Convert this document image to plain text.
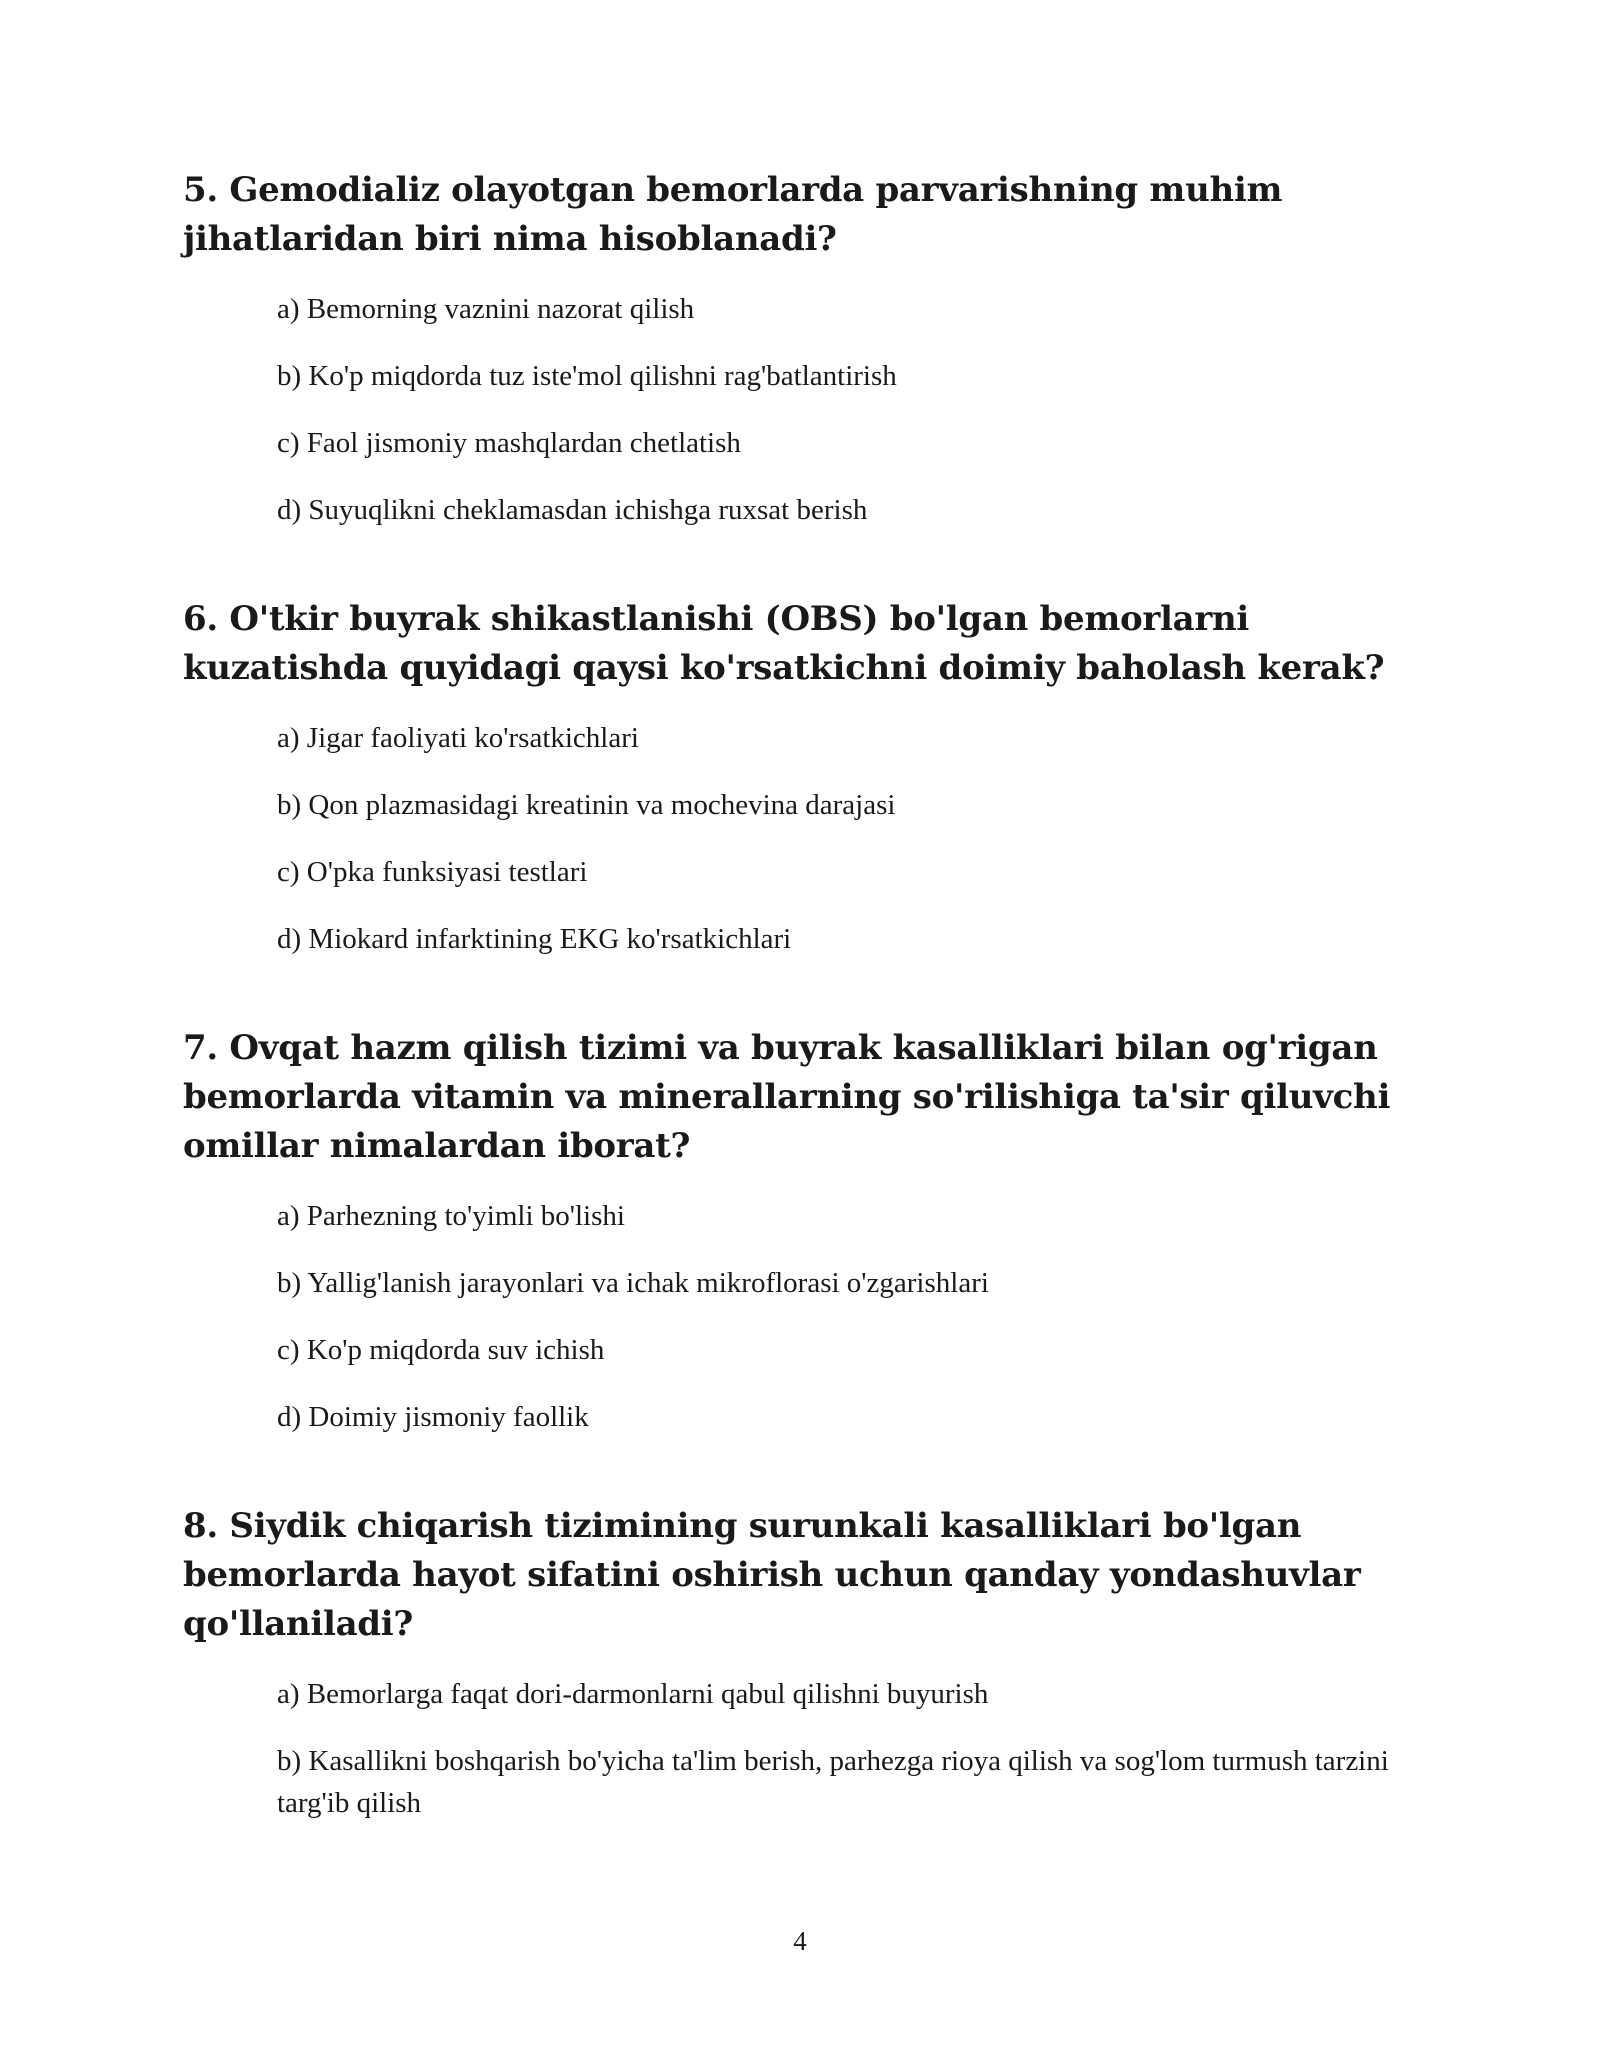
5. Gemodializ olayotgan bemorlarda parvarishning muhim jihatlaridan biri nima hisoblanadi?
a) Bemorning vaznini nazorat qilish
b) Ko'p miqdorda tuz iste'mol qilishni rag'batlantirish
c) Faol jismoniy mashqlardan chetlatish
d) Suyuqlikni cheklamasdan ichishga ruxsat berish
6. O'tkir buyrak shikastlanishi (OBS) bo'lgan bemorlarni kuzatishda quyidagi qaysi ko'rsatkichni doimiy baholash kerak?
a) Jigar faoliyati ko'rsatkichlari
b) Qon plazmasidagi kreatinin va mochevina darajasi
c) O'pka funksiyasi testlari
d) Miokard infarktining EKG ko'rsatkichlari
7. Ovqat hazm qilish tizimi va buyrak kasalliklari bilan og'rigan bemorlarda vitamin va minerallarning so'rilishiga ta'sir qiluvchi omillar nimalardan iborat?
a) Parhezning to'yimli bo'lishi
b) Yallig'lanish jarayonlari va ichak mikroflorasi o'zgarishlari
c) Ko'p miqdorda suv ichish
d) Doimiy jismoniy faollik
8. Siydik chiqarish tizimining surunkali kasalliklari bo'lgan bemorlarda hayot sifatini oshirish uchun qanday yondashuvlar qo'llaniladi?
a) Bemorlarga faqat dori-darmonlarni qabul qilishni buyurish
b) Kasallikni boshqarish bo'yicha ta'lim berish, parhezga rioya qilish va sog'lom turmush tarzini targ'ib qilish
4
